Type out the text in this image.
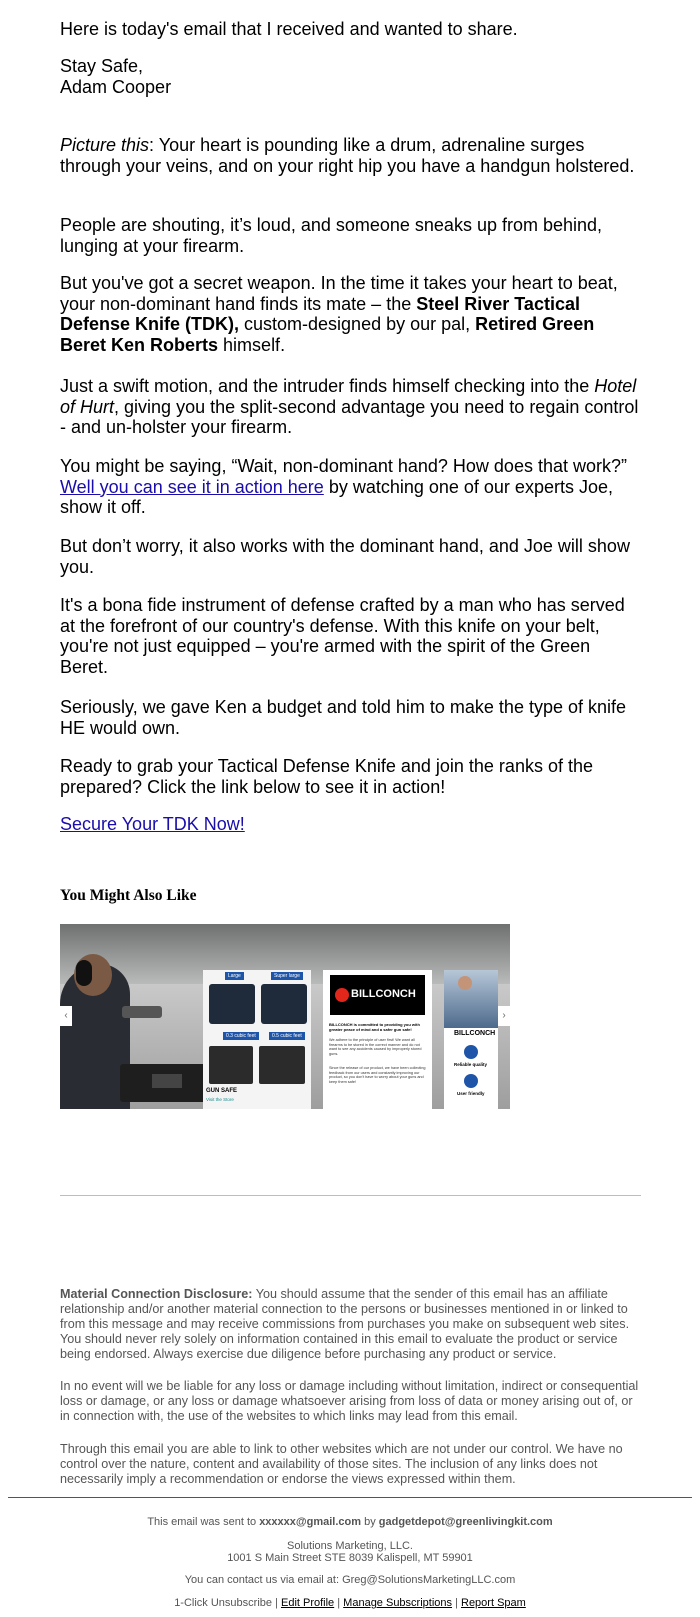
Here is today's email that I received and wanted to share.

Stay Safe,

Adam Cooper

Picture this: Your heart is pounding like a drum, adrenaline surges through your veins, and on your right hip you have a handgun holstered.

People are shouting, it’s loud, and someone sneaks up from behind, lunging at your firearm.

But you've got a secret weapon. In the time it takes your heart to beat, your non-dominant hand finds its mate – the Steel River Tactical Defense Knife (TDK), custom-designed by our pal, Retired Green Beret Ken Roberts himself.

Just a swift motion, and the intruder finds himself checking into the Hotel of Hurt, giving you the split-second advantage you need to regain control - and un-holster your firearm.

You might be saying, “Wait, non-dominant hand? How does that work?” Well you can see it in action here by watching one of our experts Joe, show it off.

But don’t worry, it also works with the dominant hand, and Joe will show you.

It's a bona fide instrument of defense crafted by a man who has served at the forefront of our country's defense. With this knife on your belt, you're not just equipped – you're armed with the spirit of the Green Beret.

Seriously, we gave Ken a budget and told him to make the type of knife HE would own.

Ready to grab your Tactical Defense Knife and join the ranks of the prepared? Click the link below to see it in action!

Secure Your TDK Now!

You Might Also Like
Large	Super large
0.3 cubic feet	0.5 cubic feet
GUN SAFE
Visit the Store
BILLCONCH
BILLCONCH is committed to providing you with greater peace of mind and a safer gun safe!
We adhere to the principle of user first! We want all firearms to be stored in the correct manner and do not want to see any accidents caused by improperly stored guns.
Since the release of our product, we have been collecting feedback from our users and constantly improving our product, so you don't have to worry about your guns and keep them safe!
BILLCONCH
Reliable quality
User friendly
‹	›

Material Connection Disclosure: You should assume that the sender of this email has an affiliate relationship and/or another material connection to the persons or businesses mentioned in or linked to from this message and may receive commissions from purchases you make on subsequent web sites. You should never rely solely on information contained in this email to evaluate the product or service being endorsed. Always exercise due diligence before purchasing any product or service.

In no event will we be liable for any loss or damage including without limitation, indirect or consequential loss or damage, or any loss or damage whatsoever arising from loss of data or money arising out of, or in connection with, the use of the websites to which links may lead from this email.

Through this email you are able to link to other websites which are not under our control. We have no control over the nature, content and availability of those sites. The inclusion of any links does not necessarily imply a recommendation or endorse the views expressed within them.

This email was sent to xxxxxx@gmail.com by gadgetdepot@greenlivingkit.com

Solutions Marketing, LLC.

1001 S Main Street STE 8039 Kalispell, MT 59901

You can contact us via email at: Greg@SolutionsMarketingLLC.com

1-Click Unsubscribe | Edit Profile | Manage Subscriptions | Report Spam
